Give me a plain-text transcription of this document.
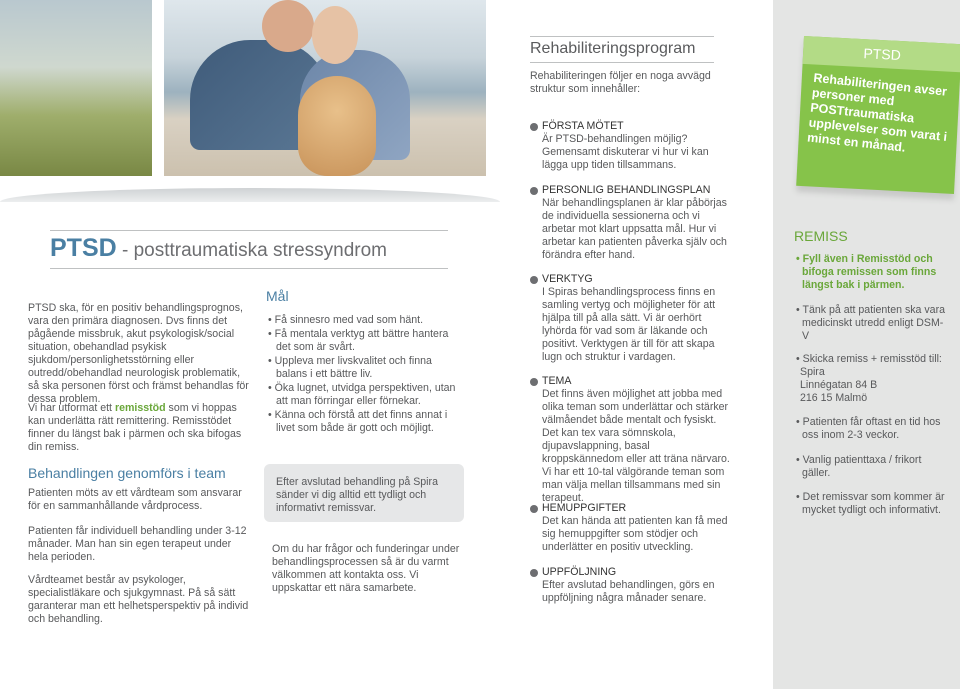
PTSD
Rehabiliteringen avser personer med POSTtraumatiska upplevelser som varat i minst en månad.
PTSD - posttraumatiska stressyndrom

PTSD ska, för en positiv behandlingsprognos, vara den primära diagnosen. Dvs finns det pågående missbruk, akut psykologisk/social situation, obehandlad psykisk sjukdom/personlighetsstörning eller outredd/obehandlad neurologisk problematik, så ska personen först och främst behandlas för dessa problem.

Vi har utformat ett remisstöd som vi hoppas kan underlätta rätt remittering. Remisstödet finner du längst bak i pärmen och ska bifogas din remiss.

Behandlingen genomförs i team

Patienten möts av ett vårdteam som ansvarar för en sammanhållande vårdprocess.

Patienten får individuell behandling under 3-12 månader. Man han sin egen terapeut under hela perioden.

Vårdteamet består av psykologer, specialistläkare och sjukgymnast. På så sätt garanterar man ett helhetsperspektiv på individ och behandling.

Mål
• Få sinnesro med vad som hänt.
• Få mentala verktyg att bättre hantera det som är svårt.
• Uppleva mer livskvalitet och finna balans i ett bättre liv.
• Öka lugnet, utvidga perspektiven, utan att man förringar eller förnekar.
• Känna och förstå att det finns annat i livet som både är gott och möjligt.

Efter avslutad behandling på Spira sänder vi dig alltid ett tydligt och informativt remissvar.

Om du har frågor och funderingar under behandlingsprocessen så är du varmt välkommen att kontakta oss. Vi uppskattar ett nära samarbete.

Rehabiliteringsprogram

Rehabiliteringen följer en noga avvägd struktur som innehåller:

FÖRSTA MÖTET
Är PTSD-behandlingen möjlig? Gemensamt diskuterar vi hur vi kan lägga upp tiden tillsammans.
PERSONLIG BEHANDLINGSPLAN
När behandlingsplanen är klar påbörjas de individuella sessionerna och vi arbetar mot klart uppsatta mål. Hur vi arbetar kan patienten påverka själv och förändra efter hand.
VERKTYG
I Spiras behandlingsprocess finns en samling vertyg och möjligheter för att hjälpa till på alla sätt. Vi är oerhört lyhörda för vad som är läkande och positivt. Verktygen är till för att skapa lugn och struktur i vardagen.
TEMA
Det finns även möjlighet att jobba med olika teman som underlättar och stärker välmåendet både mentalt och fysiskt. Det kan tex vara sömnskola, djupavslappning, basal kroppskännedom eller att träna närvaro. Vi har ett 10-tal välgörande teman som man välja mellan tillsammans med sin terapeut.
HEMUPPGIFTER
Det kan hända att patienten kan få med sig hemuppgifter som stödjer och underlätter en positiv utveckling.
UPPFÖLJNING
Efter avslutad behandlingen, görs en uppföljning några månader senare.
REMISS
• Fyll även i Remisstöd och bifoga remissen som finns längst bak i pärmen.
• Tänk på att patienten ska vara medicinskt utredd enligt DSM-V
• Skicka remiss + remisstöd till:
Spira
Linnégatan 84 B
216 15 Malmö
• Patienten får oftast en tid hos oss inom 2-3 veckor.
• Vanlig patienttaxa / frikort gäller.
• Det remissvar som kommer är mycket tydligt och informativt.
